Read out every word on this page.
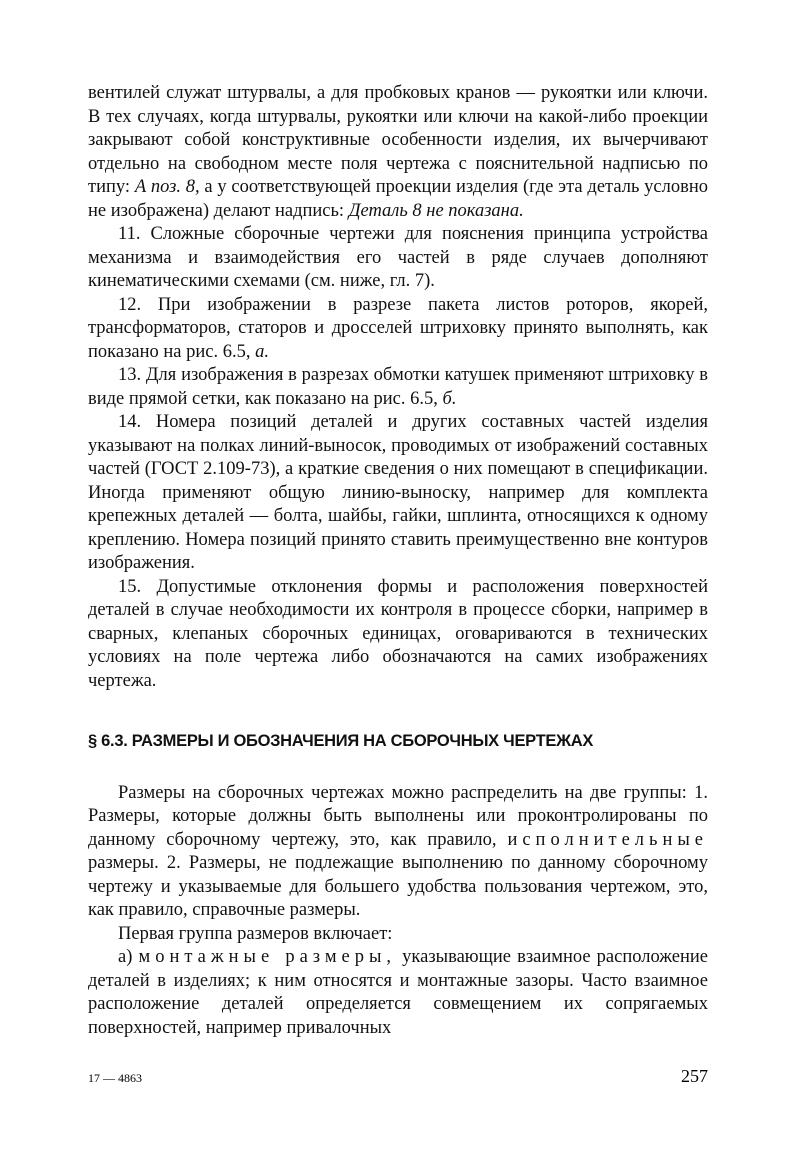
вентилей служат штурвалы, а для пробковых кранов — рукоятки или ключи. В тех случаях, когда штурвалы, рукоятки или ключи на какой-либо проекции закрывают собой конструктивные особенности изделия, их вычерчивают отдельно на свободном месте поля чертежа с пояснительной надписью по типу: А поз. 8, а у соответствующей проекции изделия (где эта деталь условно не изображена) делают надпись: Деталь 8 не показана.

11. Сложные сборочные чертежи для пояснения принципа устройства механизма и взаимодействия его частей в ряде случаев дополняют кинематическими схемами (см. ниже, гл. 7).

12. При изображении в разрезе пакета листов роторов, якорей, трансформаторов, статоров и дросселей штриховку принято выполнять, как показано на рис. 6.5, а.

13. Для изображения в разрезах обмотки катушек применяют штриховку в виде прямой сетки, как показано на рис. 6.5, б.

14. Номера позиций деталей и других составных частей изделия указывают на полках линий-выносок, проводимых от изображений составных частей (ГОСТ 2.109-73), а краткие сведения о них помещают в спецификации. Иногда применяют общую линию-выноску, например для комплекта крепежных деталей — болта, шайбы, гайки, шплинта, относящихся к одному креплению. Номера позиций принято ставить преимущественно вне контуров изображения.

15. Допустимые отклонения формы и расположения поверхностей деталей в случае необходимости их контроля в процессе сборки, например в сварных, клепаных сборочных единицах, оговариваются в технических условиях на поле чертежа либо обозначаются на самих изображениях чертежа.

§ 6.3. РАЗМЕРЫ И ОБОЗНАЧЕНИЯ НА СБОРОЧНЫХ ЧЕРТЕЖАХ

Размеры на сборочных чертежах можно распределить на две группы: 1. Размеры, которые должны быть выполнены или проконтролированы по данному сборочному чертежу, это, как правило, исполнительные размеры. 2. Размеры, не подлежащие выполнению по данному сборочному чертежу и указываемые для большего удобства пользования чертежом, это, как правило, справочные размеры.

Первая группа размеров включает:

а) монтажные размеры, указывающие взаимное расположение деталей в изделиях; к ним относятся и монтажные зазоры. Часто взаимное расположение деталей определяется совмещением их сопрягаемых поверхностей, например привалочных

17 — 4863	257
